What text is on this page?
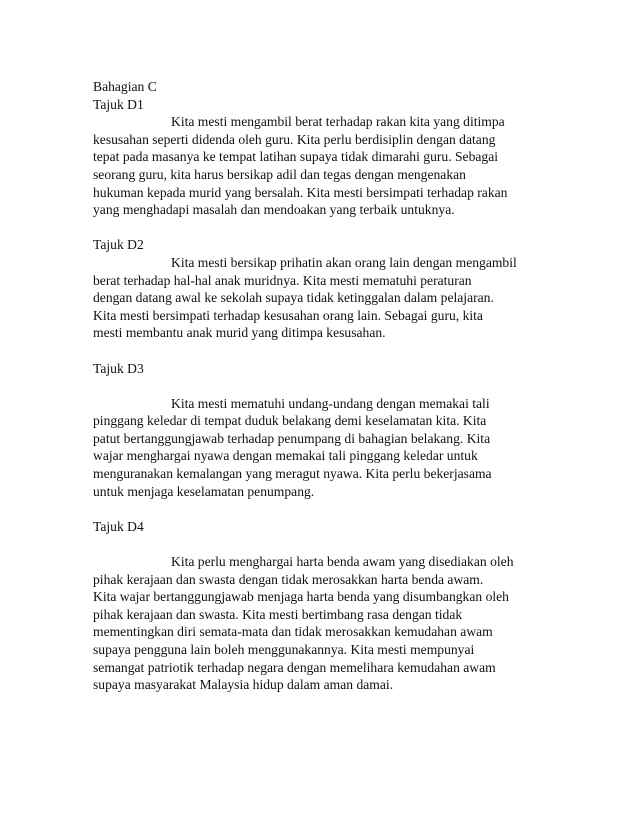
Bahagian C
Tajuk D1
Kita mesti mengambil berat terhadap rakan kita yang ditimpa
kesusahan seperti didenda oleh guru. Kita perlu berdisiplin dengan datang
tepat pada masanya ke tempat latihan supaya tidak dimarahi guru. Sebagai
seorang guru, kita harus bersikap adil dan tegas dengan mengenakan
hukuman kepada murid yang bersalah. Kita mesti bersimpati terhadap rakan
yang menghadapi masalah dan mendoakan yang terbaik untuknya.
Tajuk D2
Kita mesti bersikap prihatin akan orang lain dengan mengambil
berat terhadap hal-hal anak muridnya. Kita mesti mematuhi peraturan
dengan datang awal ke sekolah supaya tidak ketinggalan dalam pelajaran.
Kita mesti bersimpati terhadap kesusahan orang lain. Sebagai guru, kita
mesti membantu anak murid yang ditimpa kesusahan.
Tajuk D3
Kita mesti mematuhi undang-undang dengan memakai tali
pinggang keledar di tempat duduk belakang demi keselamatan kita. Kita
patut bertanggungjawab terhadap penumpang di bahagian belakang. Kita
wajar menghargai nyawa dengan memakai tali pinggang keledar untuk
menguranakan kemalangan yang meragut nyawa. Kita perlu bekerjasama
untuk menjaga keselamatan penumpang.
Tajuk D4
Kita perlu menghargai harta benda awam yang disediakan oleh
pihak kerajaan dan swasta dengan tidak merosakkan harta benda awam.
Kita wajar bertanggungjawab menjaga harta benda yang disumbangkan oleh
pihak kerajaan dan swasta. Kita mesti bertimbang rasa dengan tidak
mementingkan diri semata-mata dan tidak merosakkan kemudahan awam
supaya pengguna lain boleh menggunakannya. Kita mesti mempunyai
semangat patriotik terhadap negara dengan memelihara kemudahan awam
supaya masyarakat Malaysia hidup dalam aman damai.
